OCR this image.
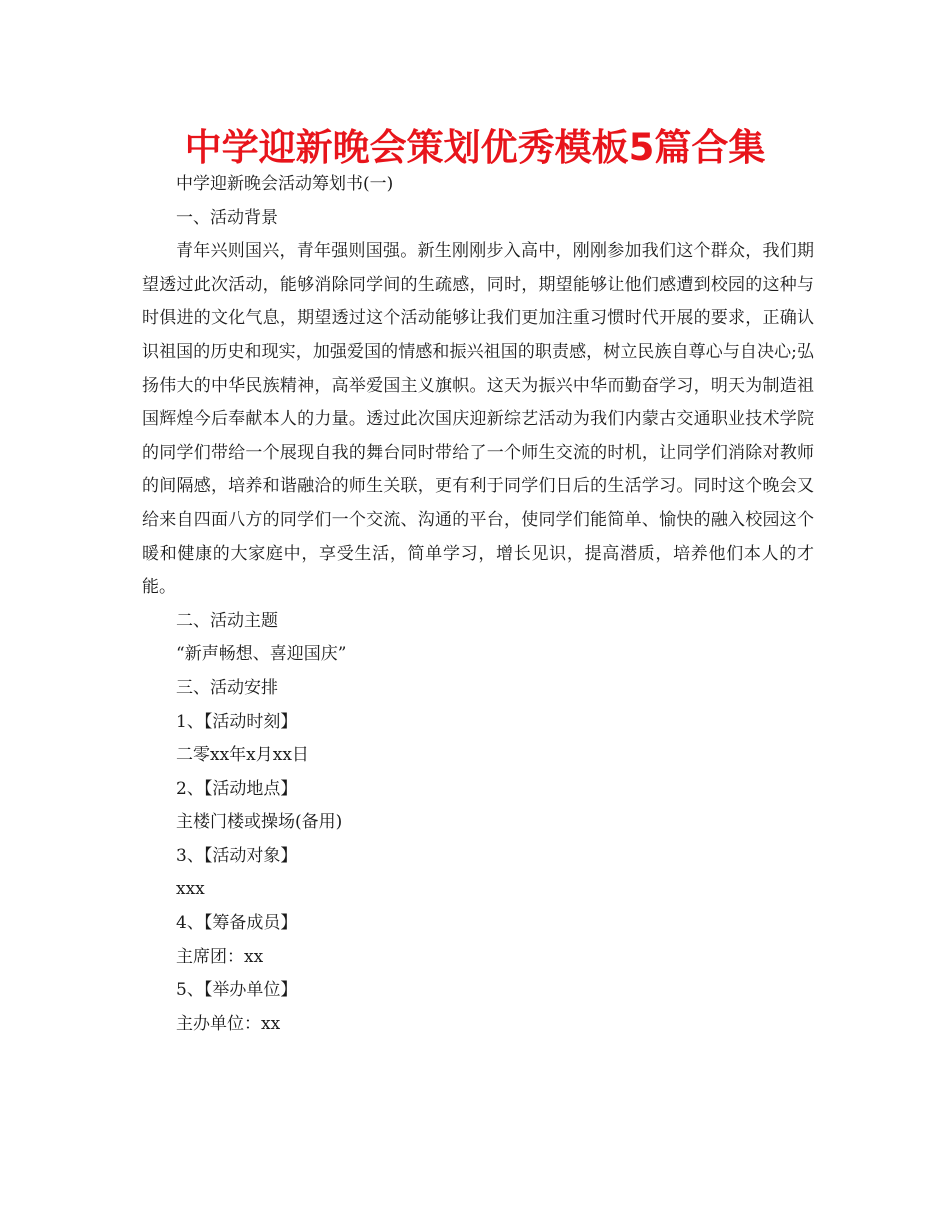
中学迎新晚会策划优秀模板5篇合集

中学迎新晚会活动筹划书(一)

一、活动背景

青年兴则国兴，青年强则国强。新生刚刚步入高中，刚刚参加我们这个群众，我们期望透过此次活动，能够消除同学间的生疏感，同时，期望能够让他们感遭到校园的这种与时俱进的文化气息，期望透过这个活动能够让我们更加注重习惯时代开展的要求，正确认识祖国的历史和现实，加强爱国的情感和振兴祖国的职责感，树立民族自尊心与自决心;弘扬伟大的中华民族精神，高举爱国主义旗帜。这天为振兴中华而勤奋学习，明天为制造祖国辉煌今后奉献本人的力量。透过此次国庆迎新综艺活动为我们内蒙古交通职业技术学院的同学们带给一个展现自我的舞台同时带给了一个师生交流的时机，让同学们消除对教师的间隔感，培养和谐融洽的师生关联，更有利于同学们日后的生活学习。同时这个晚会又给来自四面八方的同学们一个交流、沟通的平台，使同学们能简单、愉快的融入校园这个暖和健康的大家庭中，享受生活，简单学习，增长见识，提高潜质，培养他们本人的才能。

二、活动主题

“新声畅想、喜迎国庆”

三、活动安排

1、【活动时刻】

二零xx年x月xx日

2、【活动地点】

主楼门楼或操场(备用)

3、【活动对象】

xxx

4、【筹备成员】

主席团：xx

5、【举办单位】

主办单位：xx
